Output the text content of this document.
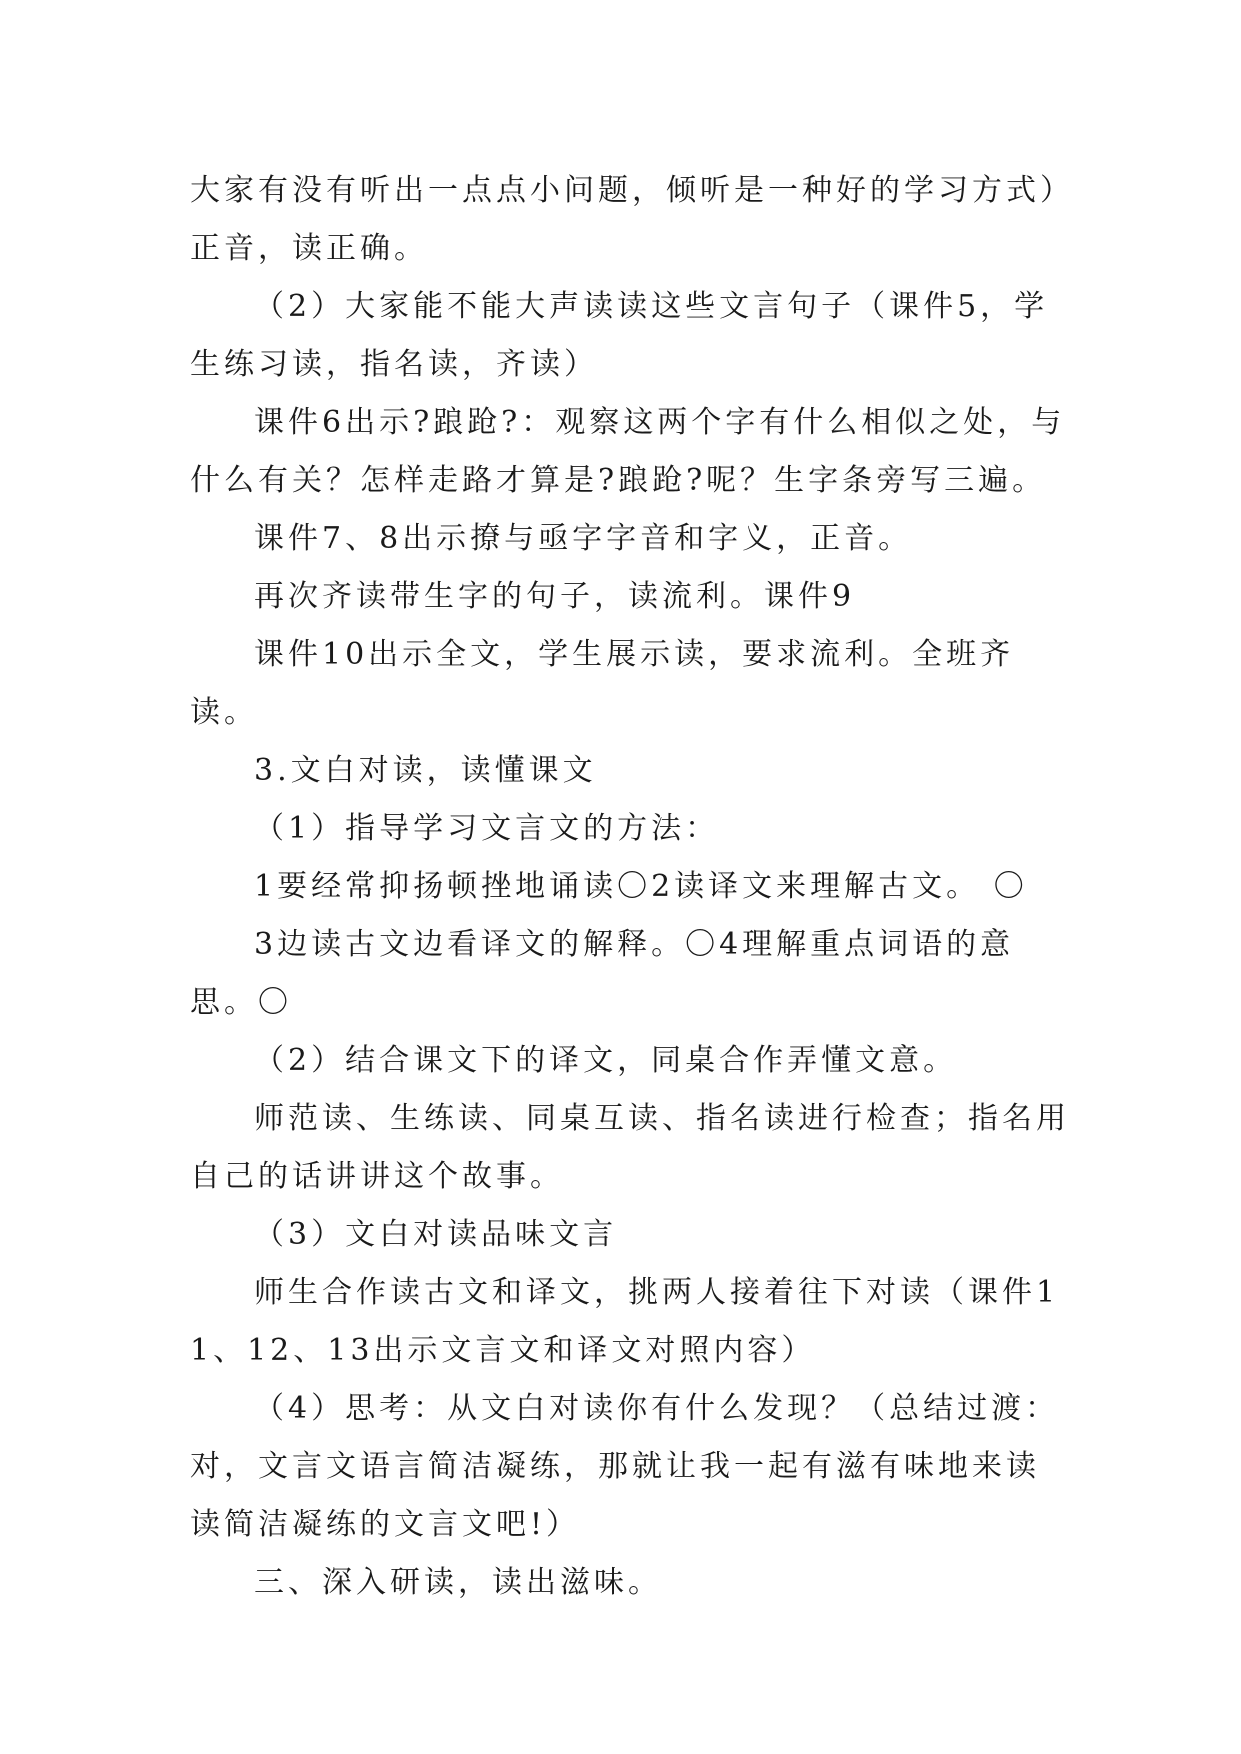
大家有没有听出一点点小问题，倾听是一种好的学习方式）正音，读正确。

（2）大家能不能大声读读这些文言句子（课件5，学生练习读，指名读，齐读）

课件6出示?踉跄?：观察这两个字有什么相似之处，与什么有关？怎样走路才算是?踉跄?呢？生字条旁写三遍。

课件7、8出示撩与亟字字音和字义，正音。

再次齐读带生字的句子，读流利。课件9

课件10出示全文，学生展示读，要求流利。全班齐读。

3.文白对读，读懂课文

（1）指导学习文言文的方法：

1要经常抑扬顿挫地诵读〇2读译文来理解古文。 〇

3边读古文边看译文的解释。〇4理解重点词语的意思。〇

（2）结合课文下的译文，同桌合作弄懂文意。

师范读、生练读、同桌互读、指名读进行检查；指名用自己的话讲讲这个故事。

（3）文白对读品味文言

师生合作读古文和译文，挑两人接着往下对读（课件11、12、13出示文言文和译文对照内容）

（4）思考：从文白对读你有什么发现？（总结过渡：对，文言文语言简洁凝练，那就让我一起有滋有味地来读读简洁凝练的文言文吧!）

三、深入研读，读出滋味。
